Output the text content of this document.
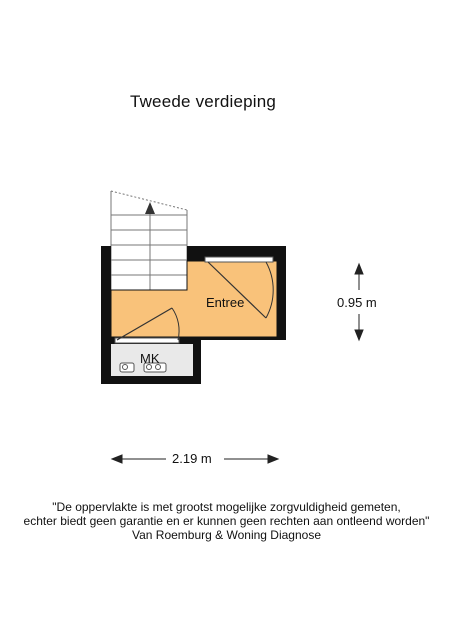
Tweede verdieping
Entree
MK
2.19 m
0.95 m
"De oppervlakte is met grootst mogelijke zorgvuldigheid gemeten,
echter biedt geen garantie en er kunnen geen rechten aan ontleend worden"
Van Roemburg & Woning Diagnose
